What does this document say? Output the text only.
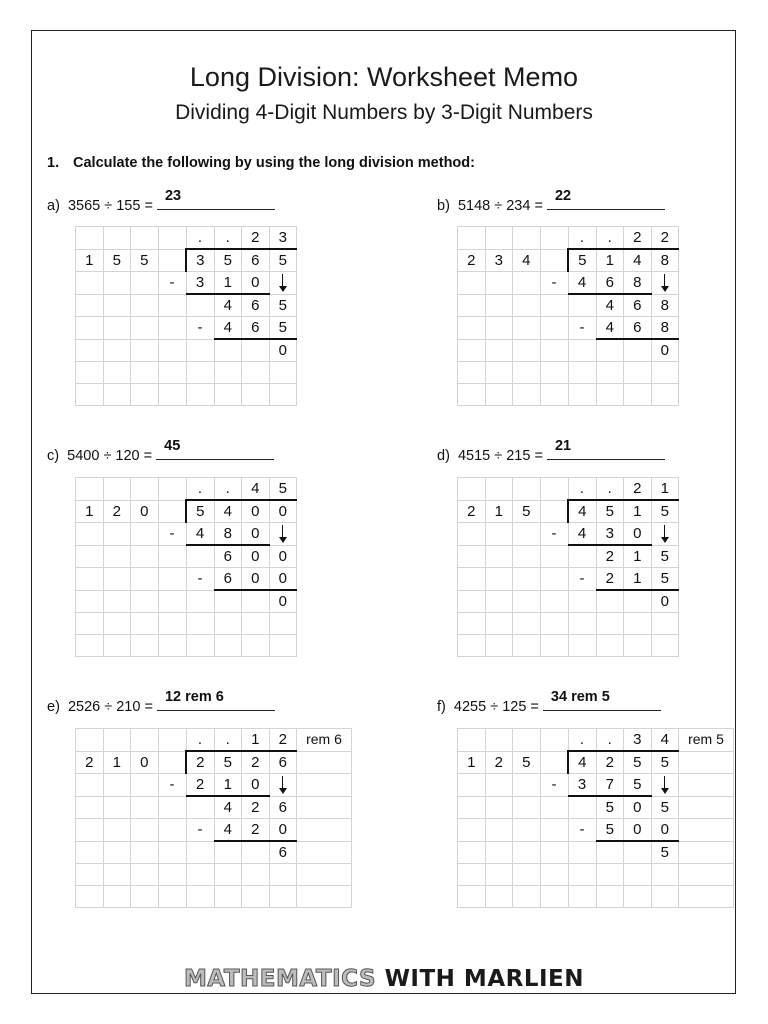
Long Division: Worksheet Memo
Dividing 4-Digit Numbers by 3-Digit Numbers
1. Calculate the following by using the long division method:
a) 3565 ÷ 155 =
23
				.	.	2	3
1	5	5		3	5	6	5
			-	3	1	0	

					4	6	5
				-	4	6	5
							0

b) 5148 ÷ 234 =
22
				.	.	2	2
2	3	4		5	1	4	8
			-	4	6	8	

					4	6	8
				-	4	6	8
							0

c) 5400 ÷ 120 =
45
				.	.	4	5
1	2	0		5	4	0	0
			-	4	8	0	

					6	0	0
				-	6	0	0
							0

d) 4515 ÷ 215 =
21
				.	.	2	1
2	1	5		4	5	1	5
			-	4	3	0	

					2	1	5
				-	2	1	5
							0

e) 2526 ÷ 210 =
12 rem 6
				.	.	1	2	rem 6
2	1	0		2	5	2	6	
			-	2	1	0	

					4	2	6	
				-	4	2	0	
							6	

f) 4255 ÷ 125 =
34 rem 5
				.	.	3	4	rem 5
1	2	5		4	2	5	5	
			-	3	7	5	

					5	0	5	
				-	5	0	0	
							5	

MATHEMATICS WITH MARLIEN
